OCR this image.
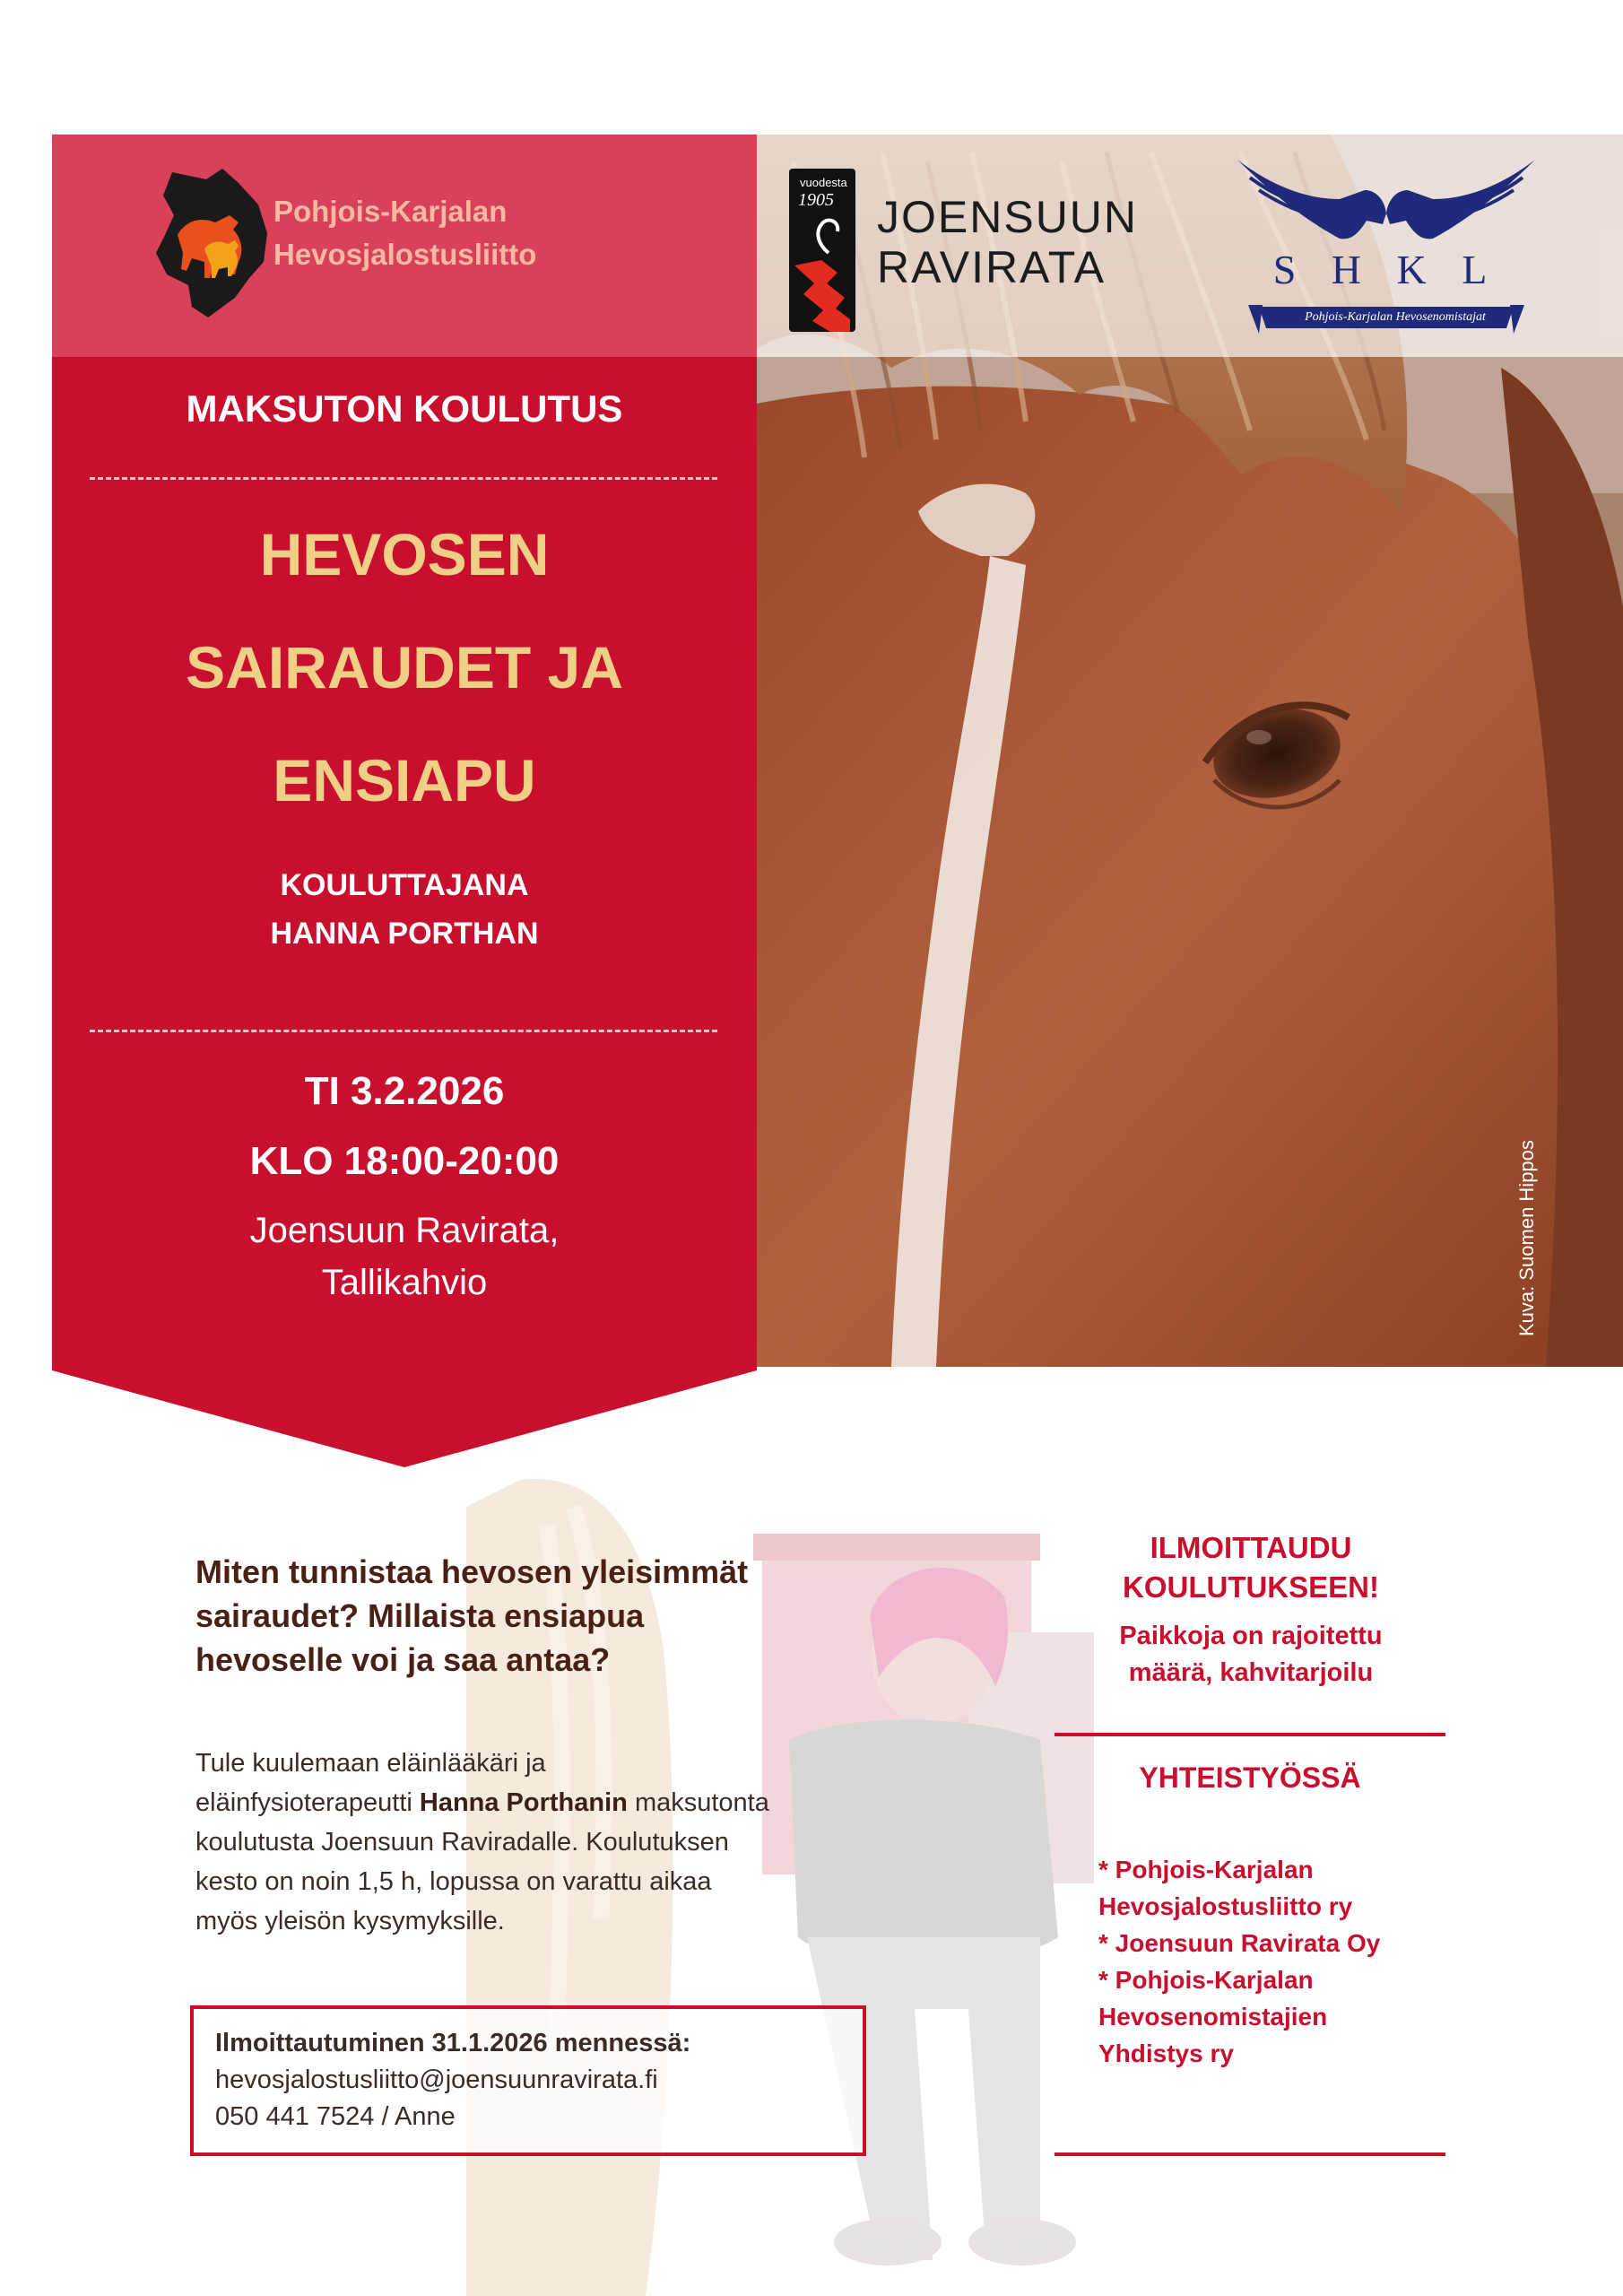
Pohjois-Karjalan
Hevosjalostusliitto
MAKSUTON KOULUTUS
HEVOSEN
SAIRAUDET JA
ENSIAPU
KOULUTTAJANA
HANNA PORTHAN
TI 3.2.2026
KLO 18:00-20:00
Joensuun Ravirata,
Tallikahvio
vuodesta
1905 JOENSUUN
RAVIRATA	S H K L
Pohjois-Karjalan Hevosenomistajat
Kuva: Suomen Hippos
Miten tunnistaa hevosen yleisimmät sairaudet? Millaista ensiapua hevoselle voi ja saa antaa?
Tule kuulemaan eläinlääkäri ja eläinfysioterapeutti Hanna Porthanin maksutonta koulutusta Joensuun Raviradalle. Koulutuksen kesto on noin 1,5 h, lopussa on varattu aikaa myös yleisön kysymyksille.
Ilmoittautuminen 31.1.2026 mennessä:
hevosjalostusliitto@joensuunravirata.fi
050 441 7524 / Anne
ILMOITTAUDU
KOULUTUKSEEN!
Paikkoja on rajoitettu
määrä, kahvitarjoilu
YHTEISTYÖSSÄ
* Pohjois-Karjalan
Hevosjalostusliitto ry
* Joensuun Ravirata Oy
* Pohjois-Karjalan
Hevosenomistajien
Yhdistys ry
